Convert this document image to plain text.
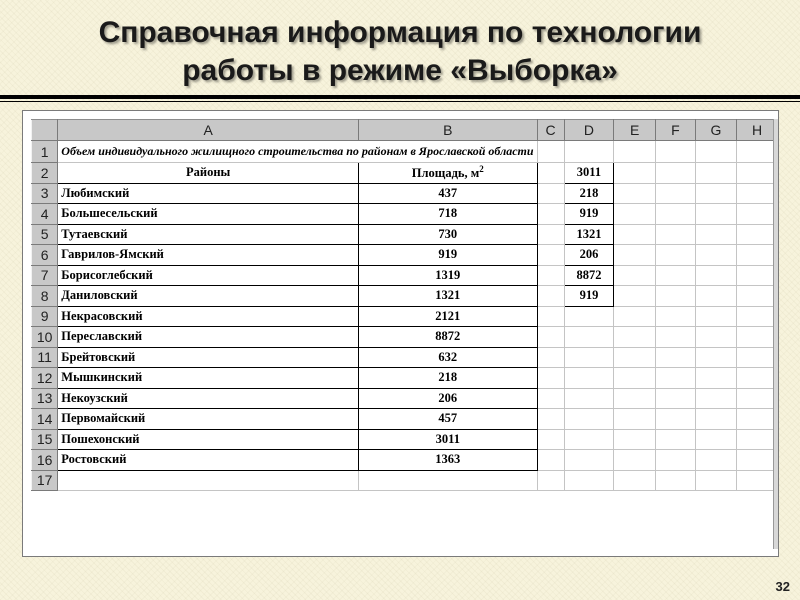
Справочная информация по технологии
работы в режиме «Выборка»
	A	B	C	D	E	F	G	H
1	Объем индивидуального жилищного строительства по районам в Ярославской области							
2	Районы	Площадь, $м^2$		3011				
3	Любимский	437		218				
4	Большесельский	718		919				
5	Тутаевский	730		1321				
6	Гаврилов-Ямский	919		206				
7	Борисоглебский	1319		8872				
8	Даниловский	1321		919				
9	Некрасовский	2121						
10	Переславский	8872						
11	Брейтовский	632						
12	Мышкинский	218						
13	Некоузский	206						
14	Первомайский	457						
15	Пошехонский	3011						
16	Ростовский	1363						
17								
32
